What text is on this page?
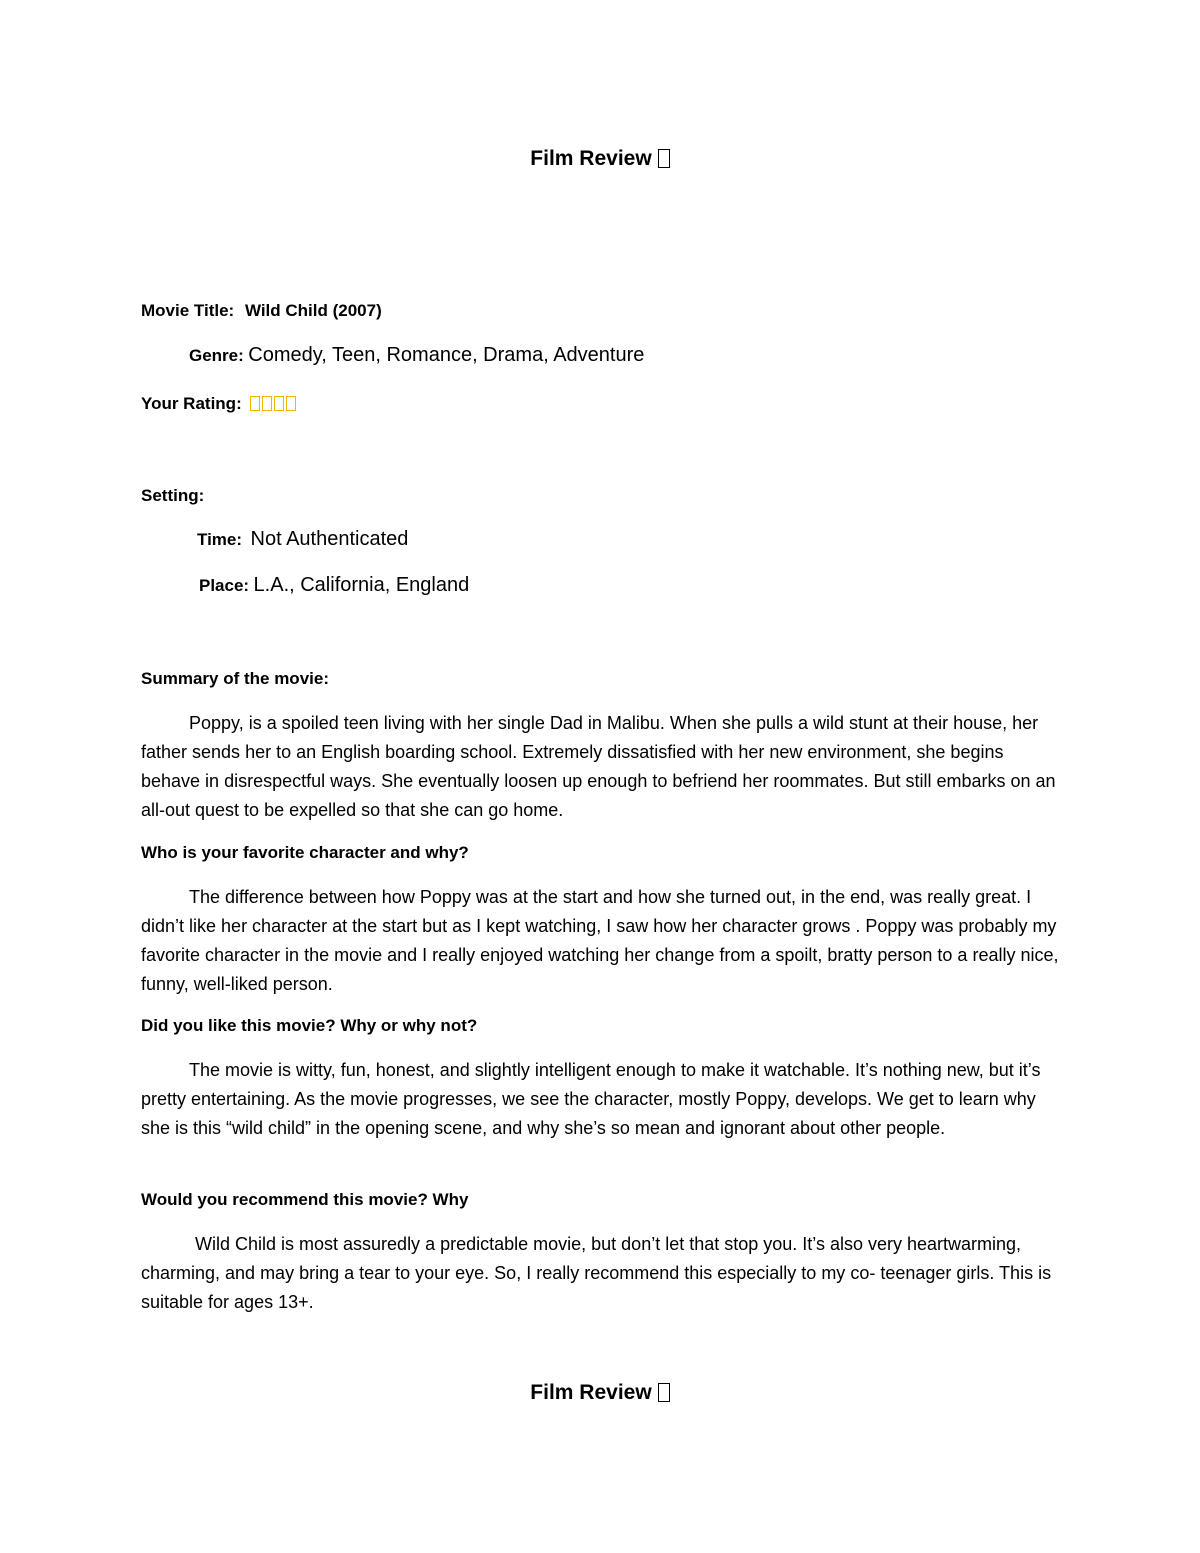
Film Review
Movie Title: Wild Child (2007)
Genre: Comedy, Teen, Romance, Drama, Adventure
Your Rating:
Setting:
Time: Not Authenticated
Place: L.A., California, England
Summary of the movie:

Poppy, is a spoiled teen living with her single Dad in Malibu. When she pulls a wild stunt at their house, her father sends her to an English boarding school. Extremely dissatisfied with her new environment, she begins behave in disrespectful ways. She eventually loosen up enough to befriend her roommates. But still embarks on an all-out quest to be expelled so that she can go home.

Who is your favorite character and why?

The difference between how Poppy was at the start and how she turned out, in the end, was really great. I didn’t like her character at the start but as I kept watching, I saw how her character grows . Poppy was probably my favorite character in the movie and I really enjoyed watching her change from a spoilt, bratty person to a really nice, funny, well-liked person.

Did you like this movie? Why or why not?

The movie is witty, fun, honest, and slightly intelligent enough to make it watchable. It’s nothing new, but it’s pretty entertaining. As the movie progresses, we see the character, mostly Poppy, develops. We get to learn why she is this “wild child” in the opening scene, and why she’s so mean and ignorant about other people.

Would you recommend this movie? Why

Wild Child is most assuredly a predictable movie, but don’t let that stop you. It’s also very heartwarming, charming, and may bring a tear to your eye. So, I really recommend this especially to my co- teenager girls. This is suitable for ages 13+.

Film Review
